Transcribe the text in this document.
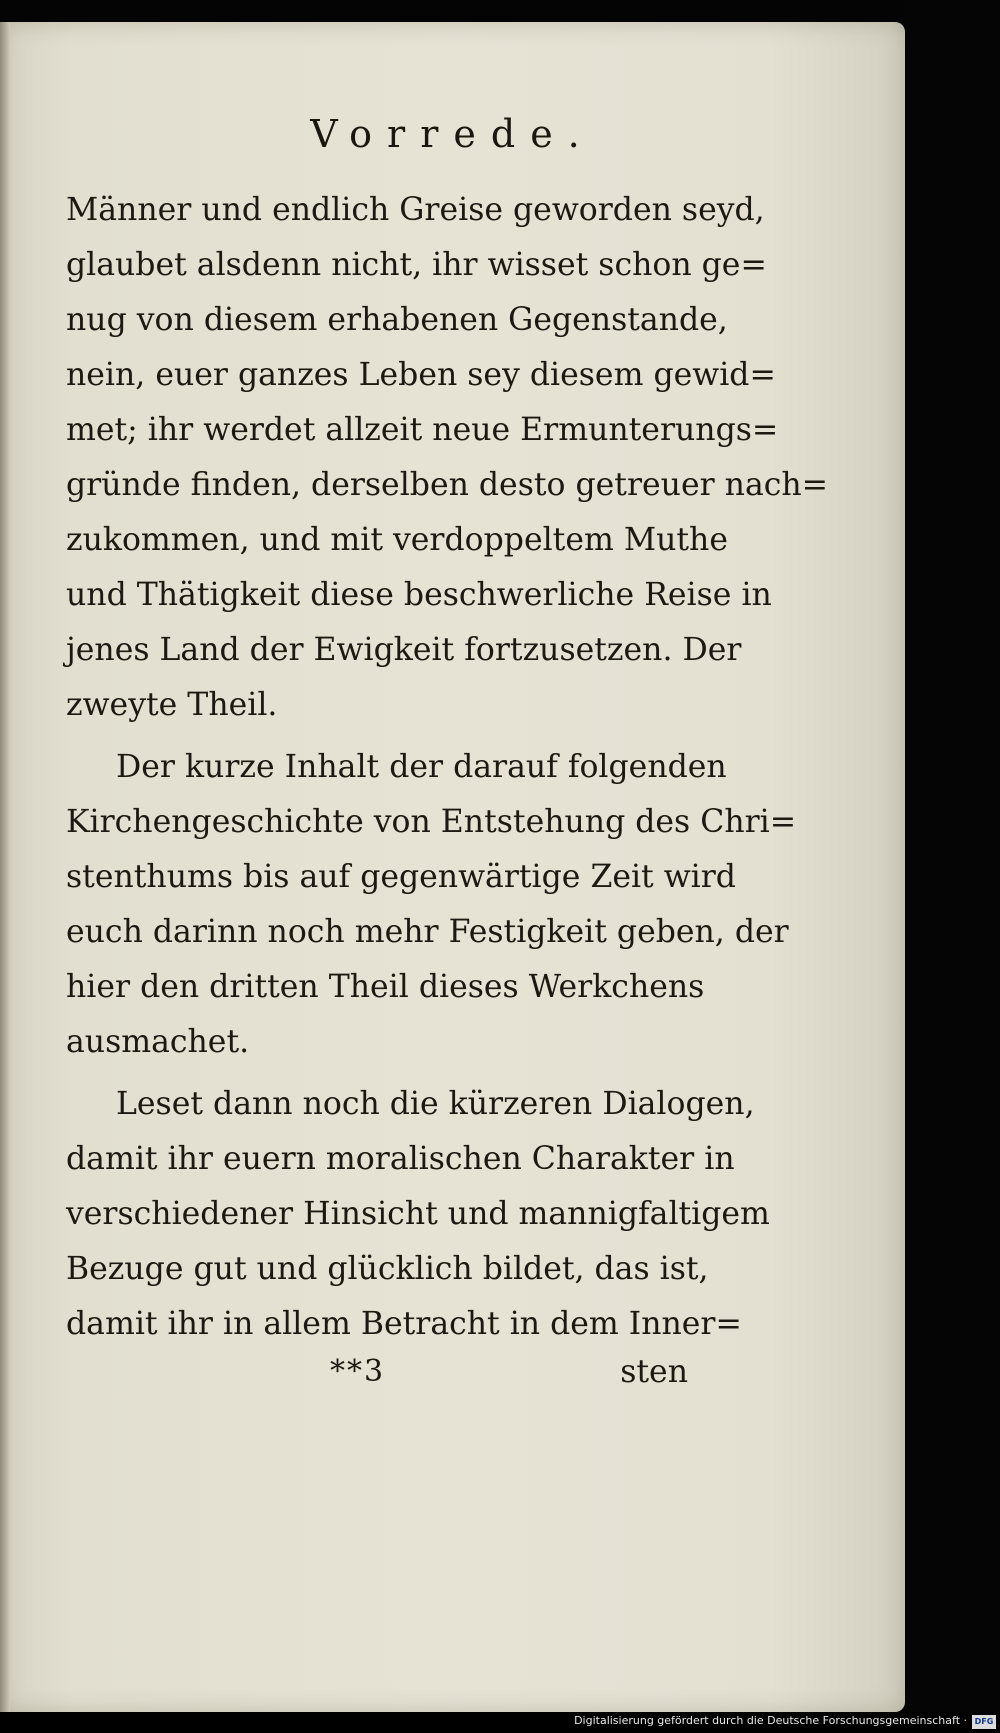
Vorrede.

Männer und endlich Greise geworden seyd,
glaubet alsdenn nicht, ihr wisset schon ge=
nug von diesem erhabenen Gegenstande,
nein, euer ganzes Leben sey diesem gewid=
met; ihr werdet allzeit neue Ermunterungs=
gründe finden, derselben desto getreuer nach=
zukommen, und mit verdoppeltem Muthe
und Thätigkeit diese beschwerliche Reise in
jenes Land der Ewigkeit fortzusetzen. Der
zweyte Theil.

Der kurze Inhalt der darauf folgenden
Kirchengeschichte von Entstehung des Chri=
stenthums bis auf gegenwärtige Zeit wird
euch darinn noch mehr Festigkeit geben, der
hier den dritten Theil dieses Werkchens
ausmachet.

Leset dann noch die kürzeren Dialogen,
damit ihr euern moralischen Charakter in
verschiedener Hinsicht und mannigfaltigem
Bezuge gut und glücklich bildet, das ist,
damit ihr in allem Betracht in dem Inner=

**3	sten
Digitalisierung gefördert durch die Deutsche Forschungsgemeinschaft · DFG
